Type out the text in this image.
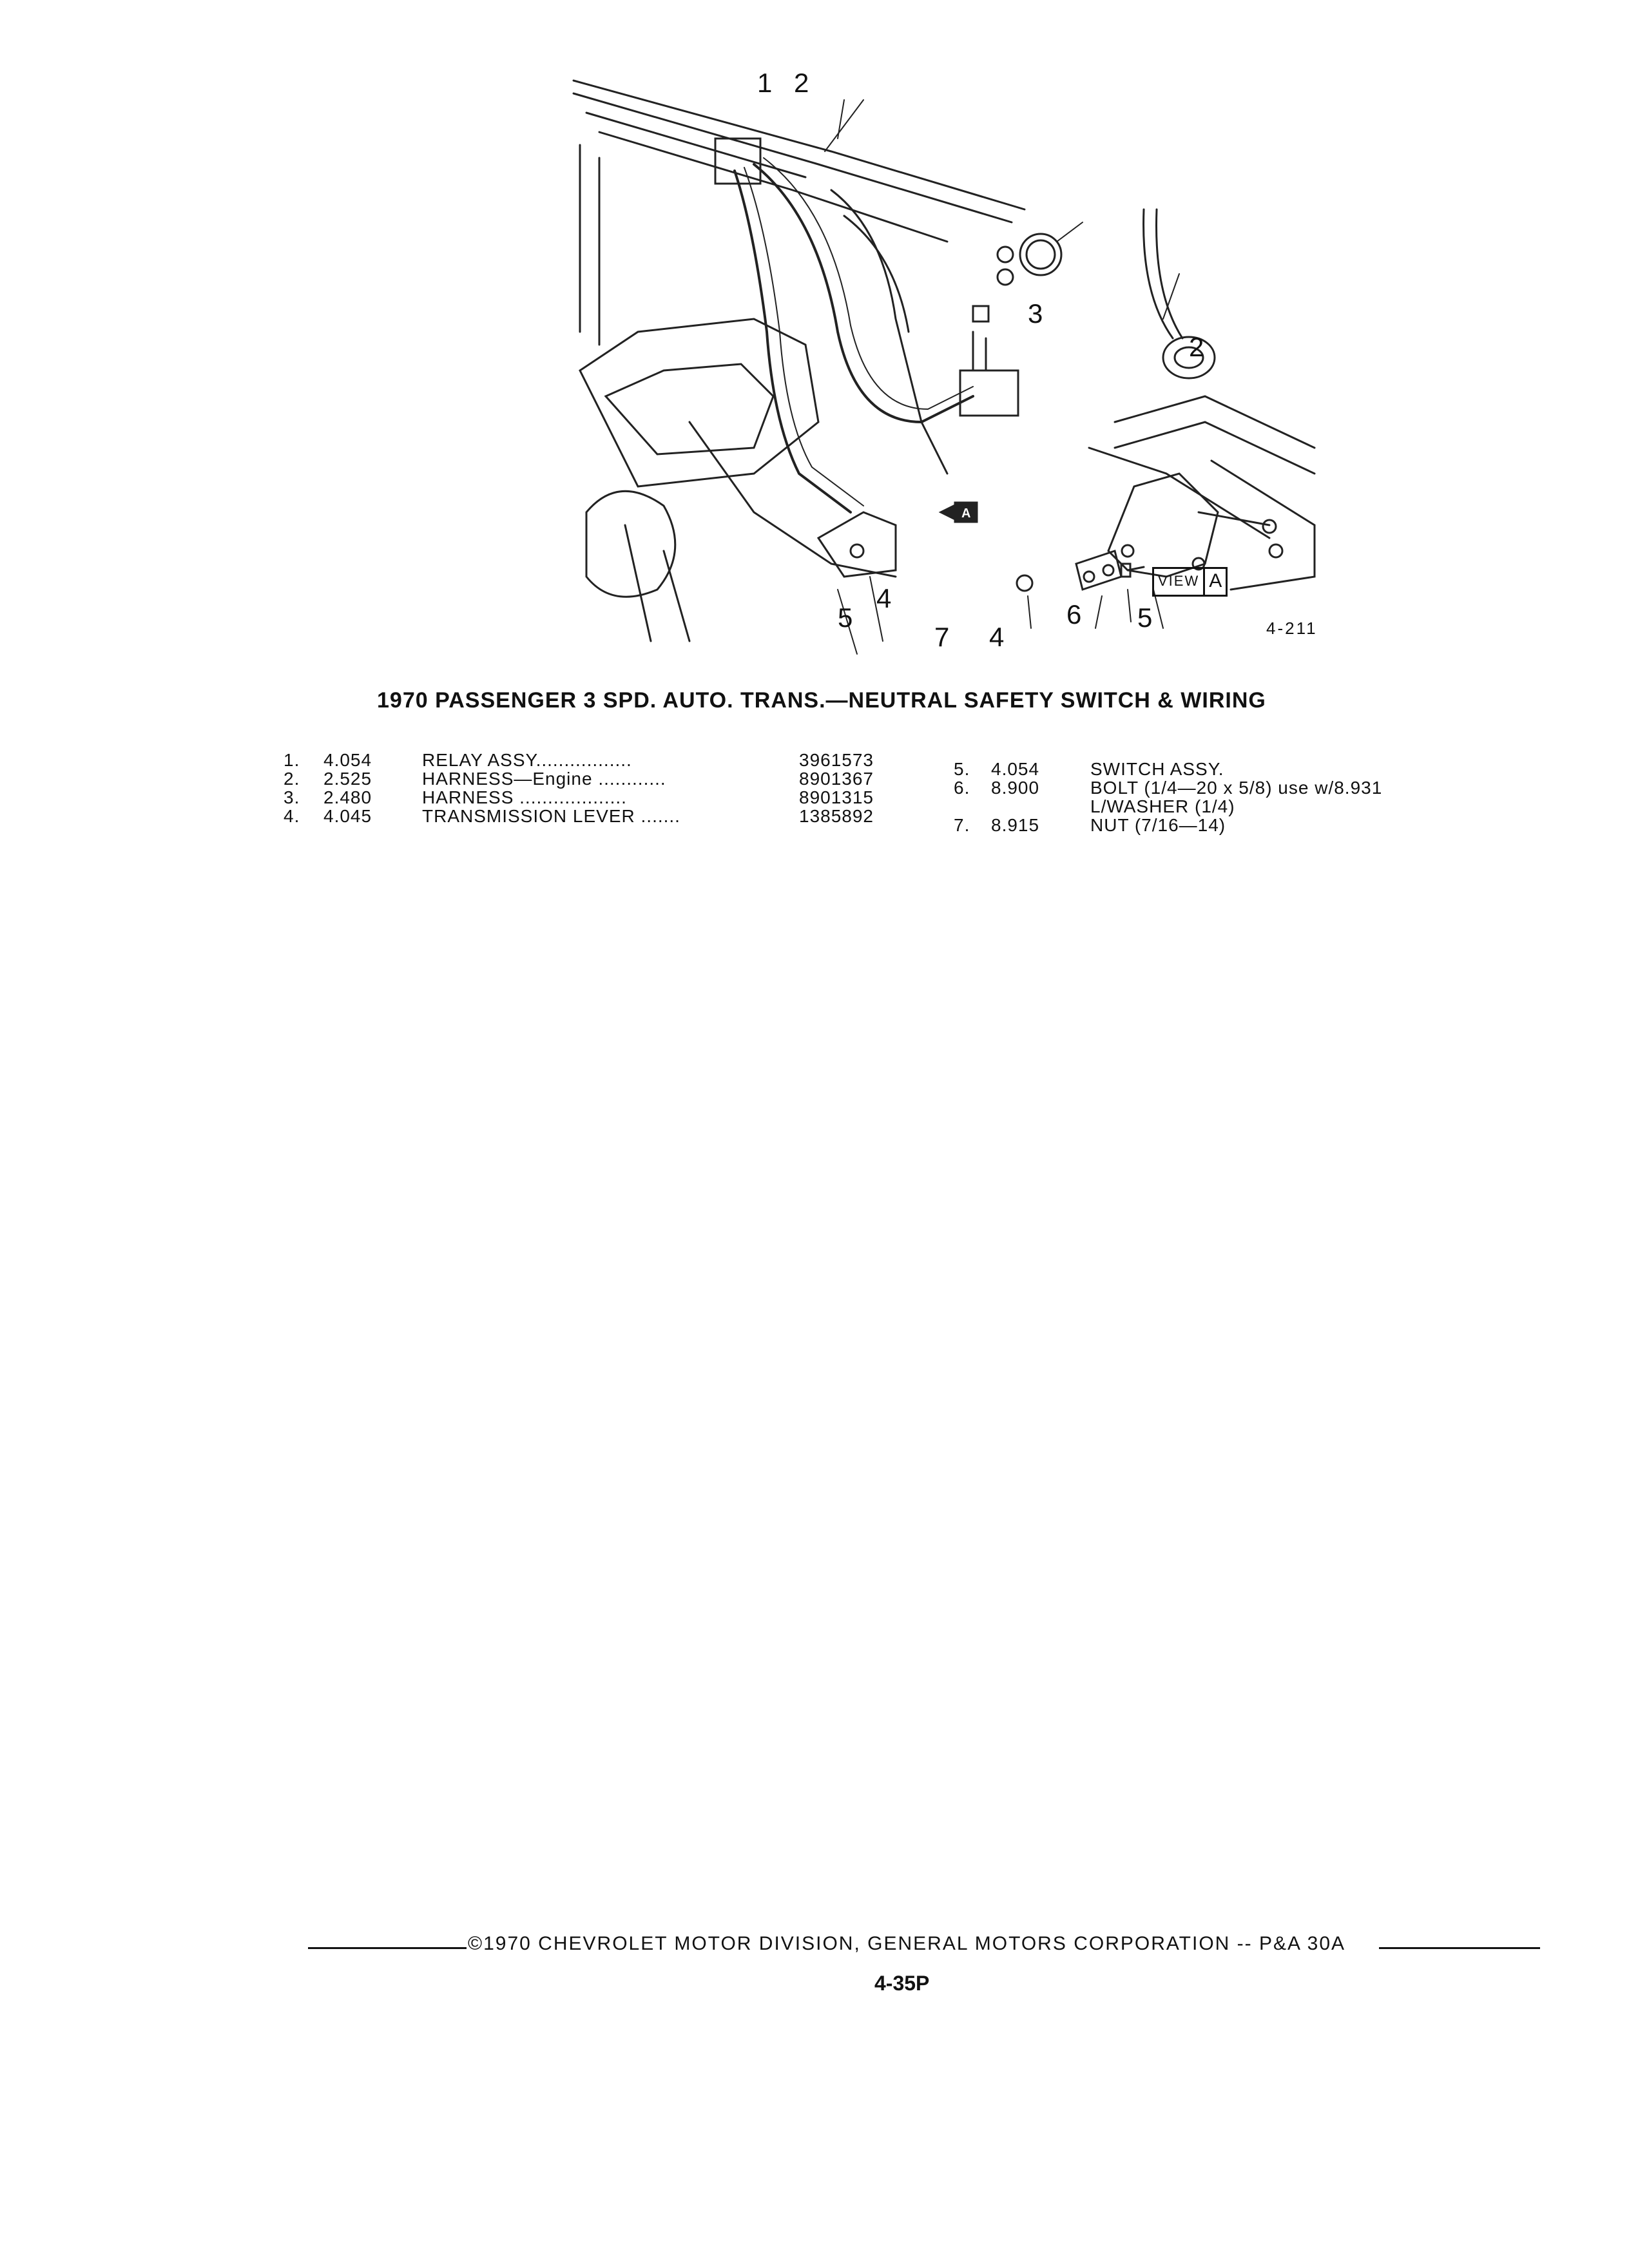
1 2
3
5
4
2
7 4
6 5
VIEW A
A
4-211
1970 PASSENGER 3 SPD. AUTO. TRANS.—NEUTRAL SAFETY SWITCH & WIRING
1. 4.054	RELAY ASSY.................	3961573
2. 2.525	HARNESS—Engine ............	8901367
3. 2.480	HARNESS ...................	8901315
4. 4.045	TRANSMISSION LEVER .......	1385892
5. 4.054	SWITCH ASSY.
6. 8.900	BOLT (1/4—20 x 5/8) use w/8.931
L/WASHER (1/4)
7. 8.915	NUT (7/16—14)
©1970 CHEVROLET MOTOR DIVISION, GENERAL MOTORS CORPORATION -- P&A 30A
4-35P
